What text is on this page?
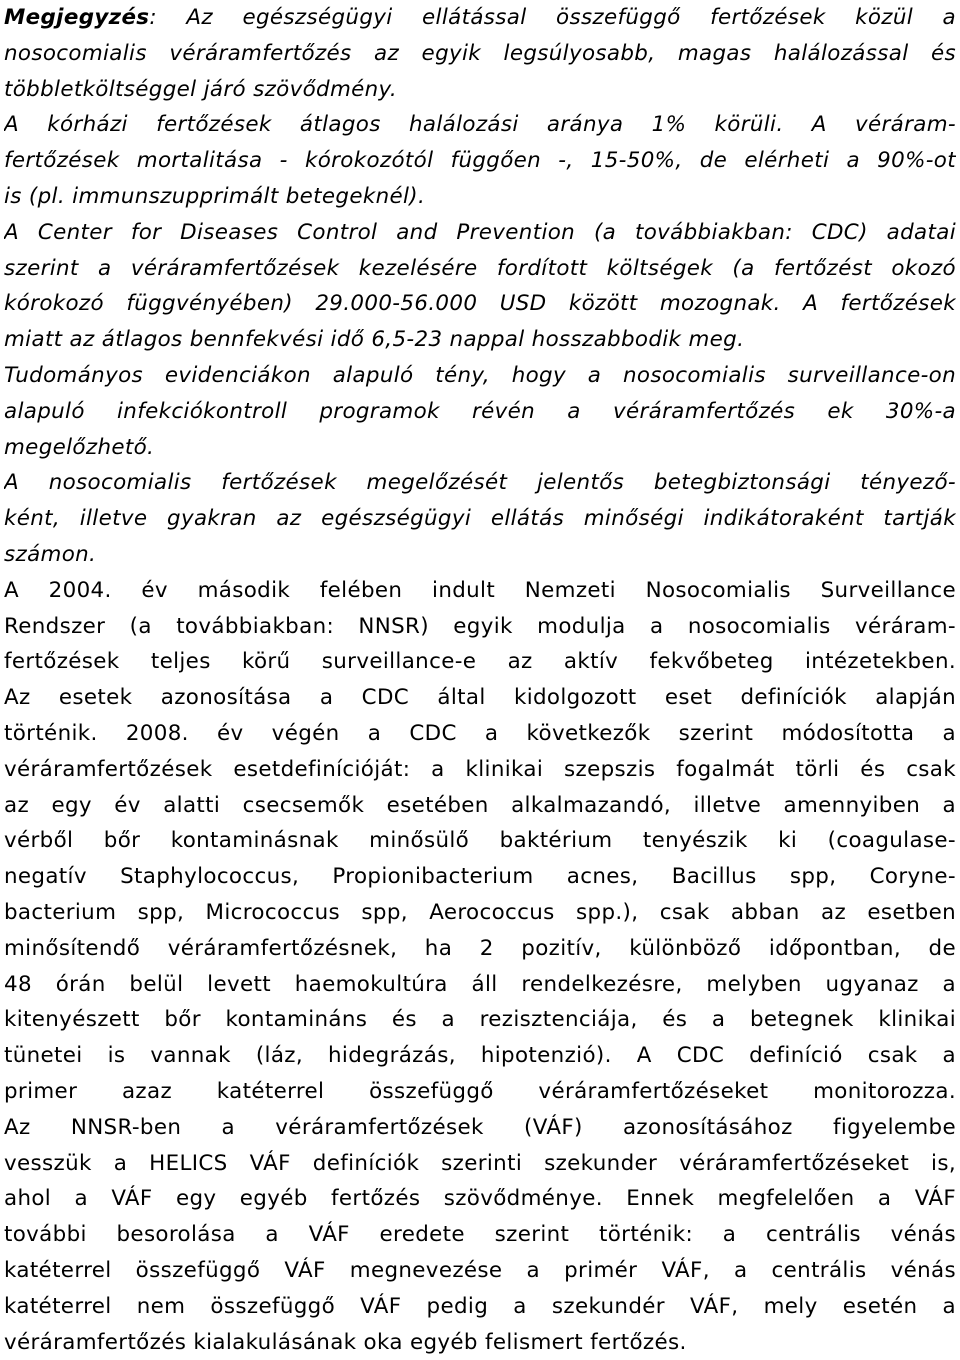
Megjegyzés: Az egészségügyi ellátással összefüggő fertőzések közül a
nosocomialis véráramfertőzés az egyik legsúlyosabb, magas halálozással és
többletköltséggel járó szövődmény.
A kórházi fertőzések átlagos halálozási aránya 1% körüli. A véráram-
fertőzések mortalitása - kórokozótól függően -, 15-50%, de elérheti a 90%-ot
is (pl. immunszupprimált betegeknél).
A Center for Diseases Control and Prevention (a továbbiakban: CDC) adatai
szerint a véráramfertőzések kezelésére fordított költségek (a fertőzést okozó
kórokozó függvényében) 29.000-56.000 USD között mozognak. A fertőzések
miatt az átlagos bennfekvési idő 6,5-23 nappal hosszabbodik meg.
Tudományos evidenciákon alapuló tény, hogy a nosocomialis surveillance-on
alapuló infekciókontroll programok révén a véráramfertőzés ek 30%-a
megelőzhető.
A nosocomialis fertőzések megelőzését jelentős betegbiztonsági tényező-
ként, illetve gyakran az egészségügyi ellátás minőségi indikátoraként tartják
számon.
A 2004. év második felében indult Nemzeti Nosocomialis Surveillance
Rendszer (a továbbiakban: NNSR) egyik modulja a nosocomialis véráram-
fertőzések teljes körű surveillance-e az aktív fekvőbeteg intézetekben.
Az esetek azonosítása a CDC által kidolgozott eset definíciók alapján
történik. 2008. év végén a CDC a következők szerint módosította a
véráramfertőzések esetdefinícióját: a klinikai szepszis fogalmát törli és csak
az egy év alatti csecsemők esetében alkalmazandó, illetve amennyiben a
vérből bőr kontaminásnak minősülő baktérium tenyészik ki (coagulase-
negatív Staphylococcus, Propionibacterium acnes, Bacillus spp, Coryne-
bacterium spp, Micrococcus spp, Aerococcus spp.), csak abban az esetben
minősítendő véráramfertőzésnek, ha 2 pozitív, különböző időpontban, de
48 órán belül levett haemokultúra áll rendelkezésre, melyben ugyanaz a
kitenyészett bőr kontamináns és a rezisztenciája, és a betegnek klinikai
tünetei is vannak (láz, hidegrázás, hipotenzió). A CDC definíció csak a
primer azaz katéterrel összefüggő véráramfertőzéseket monitorozza.
Az NNSR-ben a véráramfertőzések (VÁF) azonosításához figyelembe
vesszük a HELICS VÁF definíciók szerinti szekunder véráramfertőzéseket is,
ahol a VÁF egy egyéb fertőzés szövődménye. Ennek megfelelően a VÁF
további besorolása a VÁF eredete szerint történik: a centrális vénás
katéterrel összefüggő VÁF megnevezése a primér VÁF, a centrális vénás
katéterrel nem összefüggő VÁF pedig a szekundér VÁF, mely esetén a
véráramfertőzés kialakulásának oka egyéb felismert fertőzés.
